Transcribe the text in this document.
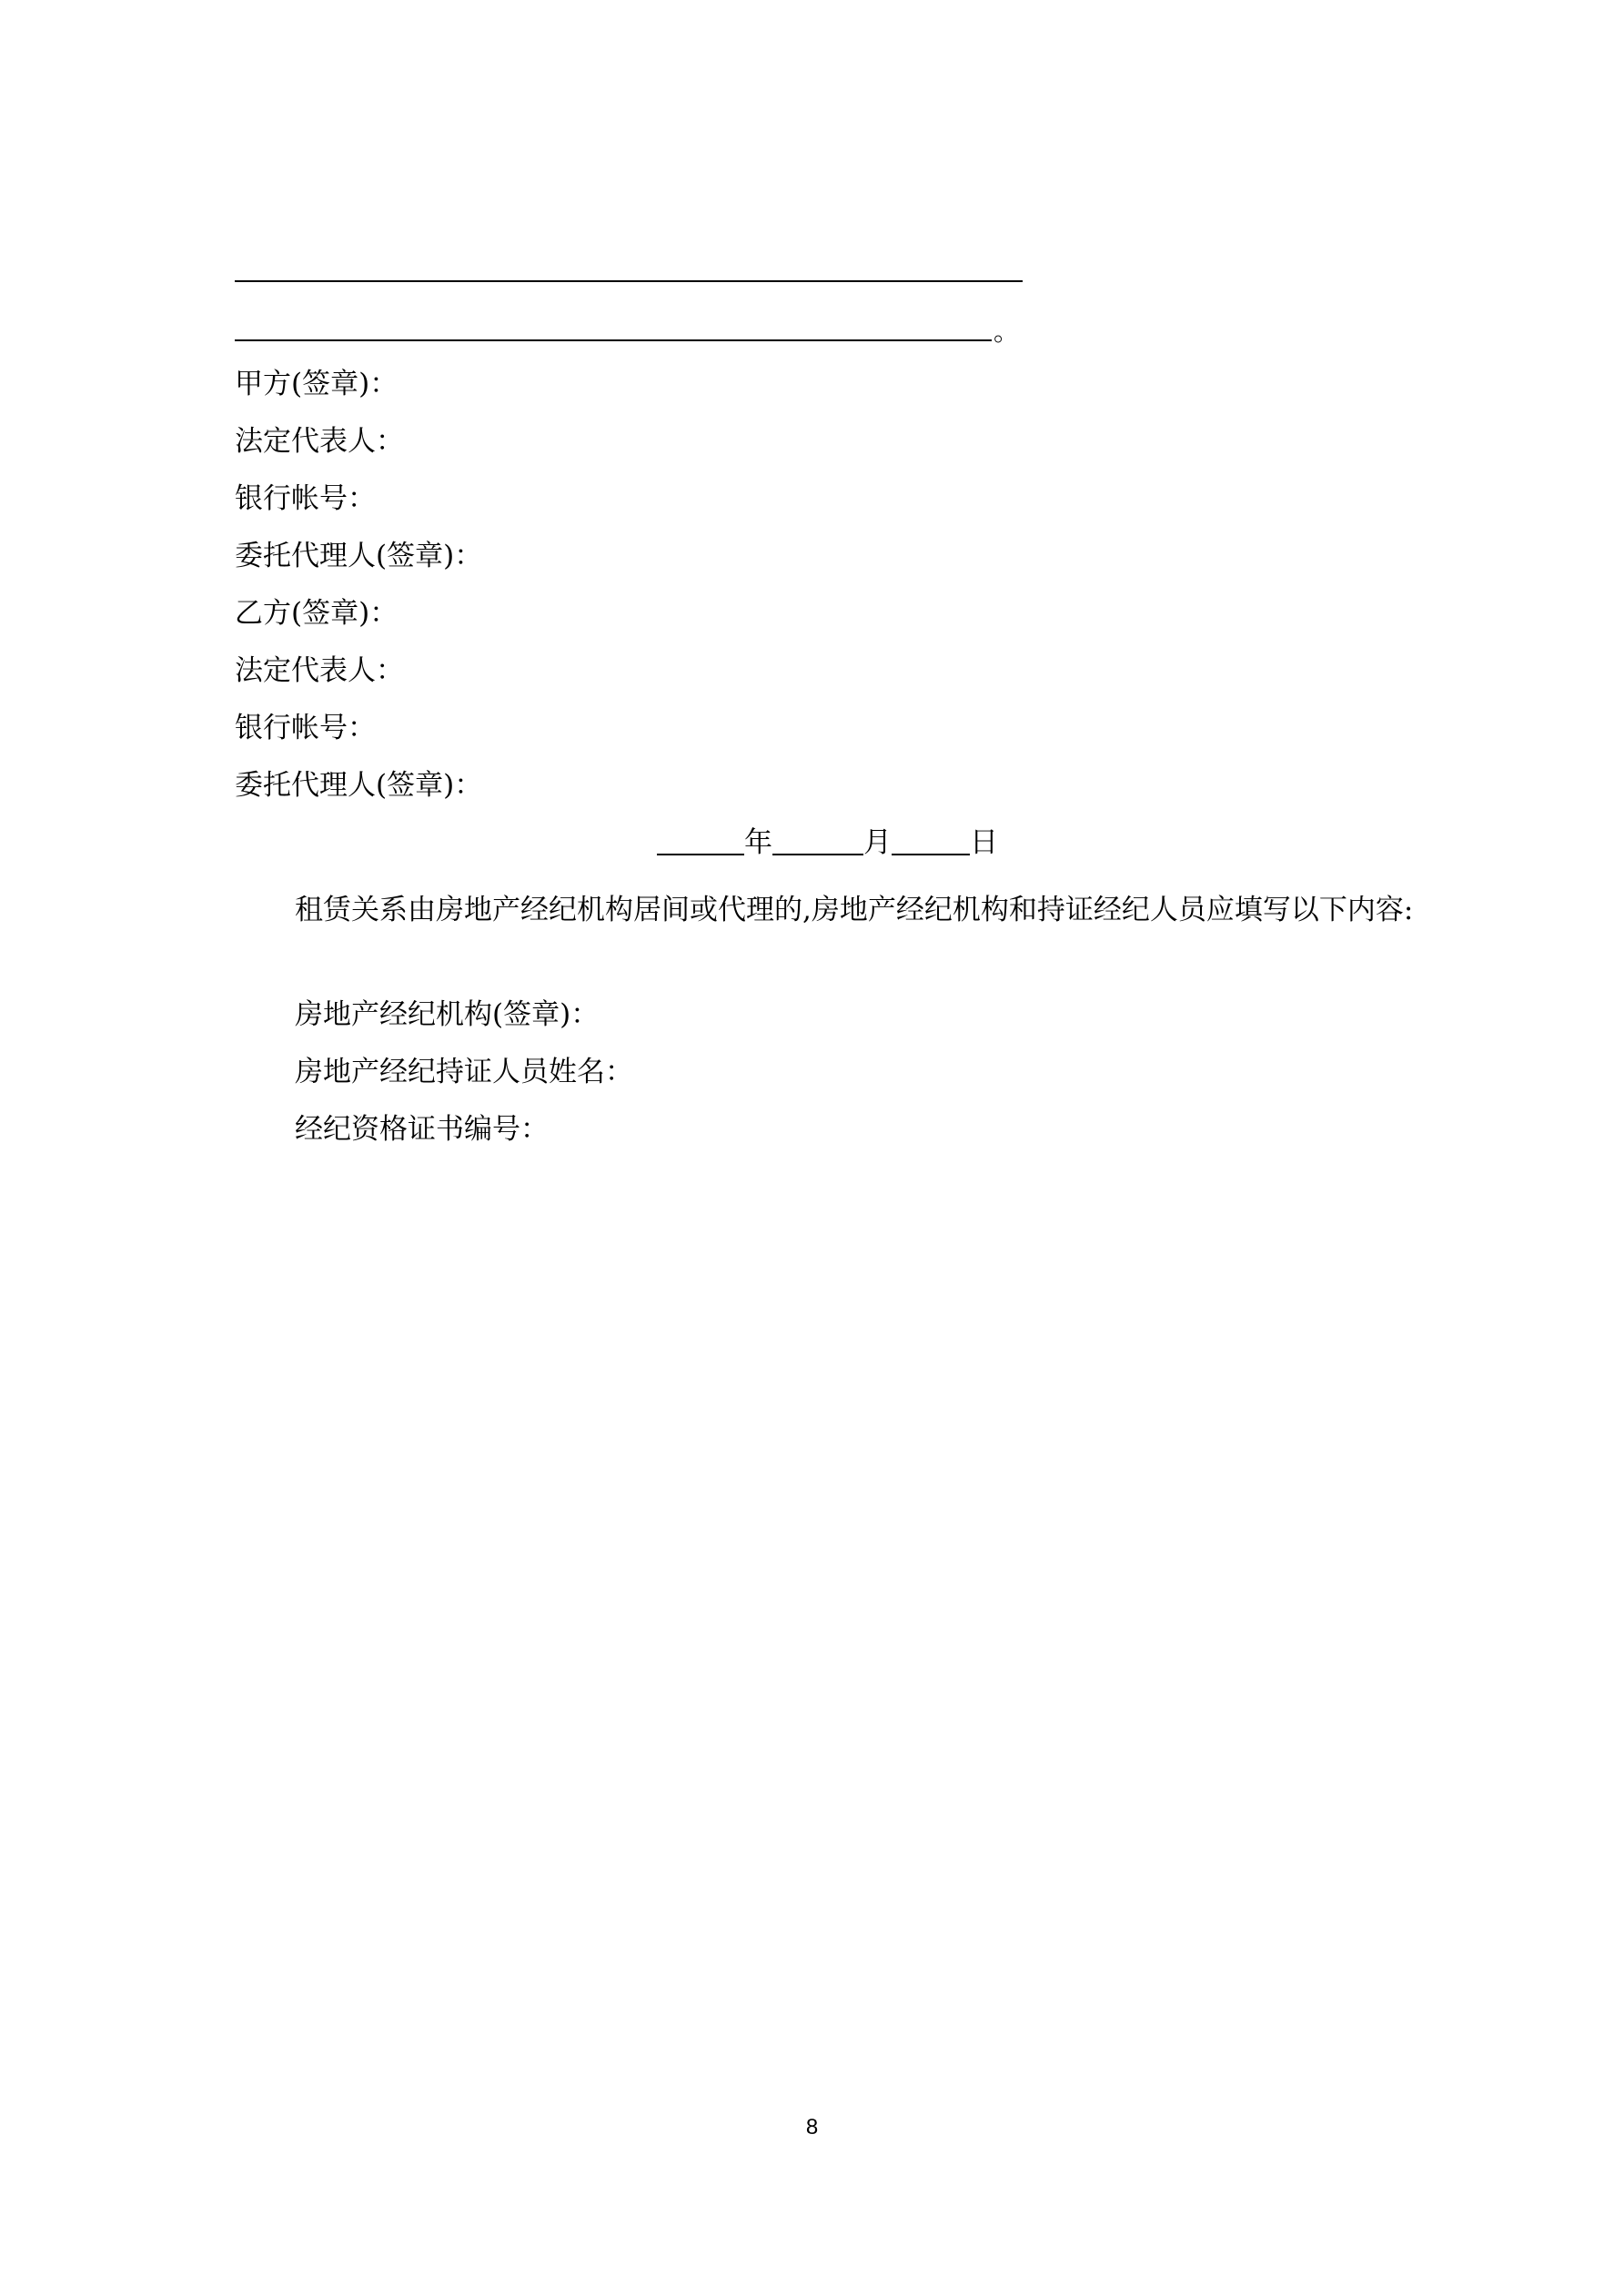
。
甲方(签章)：
法定代表人：
银行帐号：
委托代理人(签章)：
乙方(签章)：
法定代表人：
银行帐号：
委托代理人(签章)：
年	月	日

租赁关系由房地产经纪机构居间或代理的,房地产经纪机构和持证经纪人员应填写以下内容:

房地产经纪机构(签章)：
房地产经纪持证人员姓名：
经纪资格证书编号：
8
